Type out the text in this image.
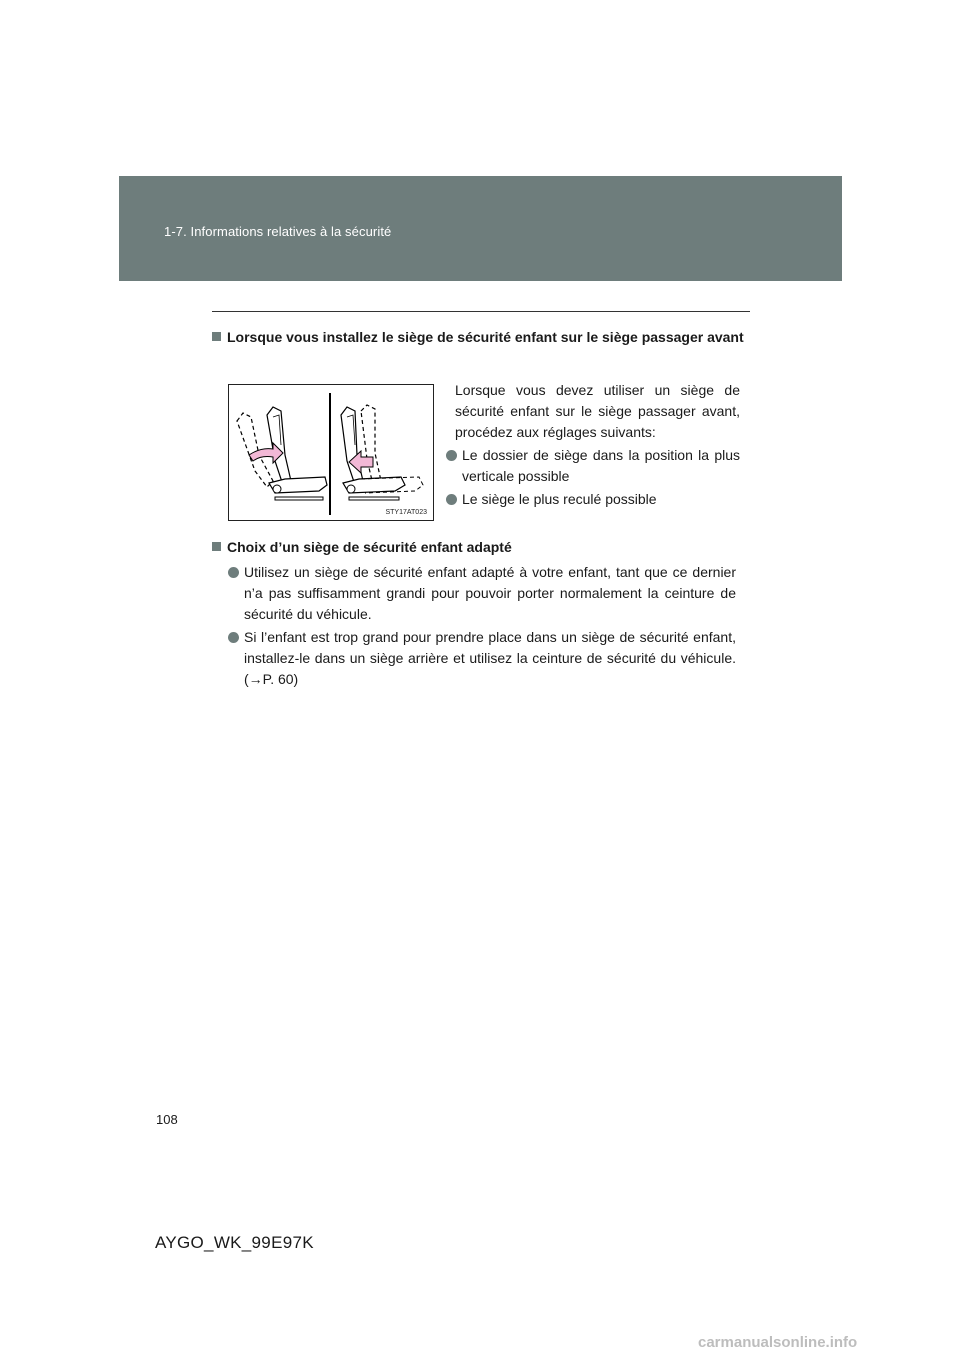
1-7. Informations relatives à la sécurité
Lorsque vous installez le siège de sécurité enfant sur le siège passager avant
STY17AT023
Lorsque vous devez utiliser un siège de sécurité enfant sur le siège passager avant, procédez aux réglages suivants:
Le dossier de siège dans la position la plus verticale possible
Le siège le plus reculé possible
Choix d’un siège de sécurité enfant adapté
Utilisez un siège de sécurité enfant adapté à votre enfant, tant que ce dernier n’a pas suffisamment grandi pour pouvoir porter normalement la ceinture de sécurité du véhicule.
Si l’enfant est trop grand pour prendre place dans un siège de sécurité enfant, installez-le dans un siège arrière et utilisez la ceinture de sécurité du véhicule. (→P. 60)
108
AYGO_WK_99E97K
carmanualsonline.info
